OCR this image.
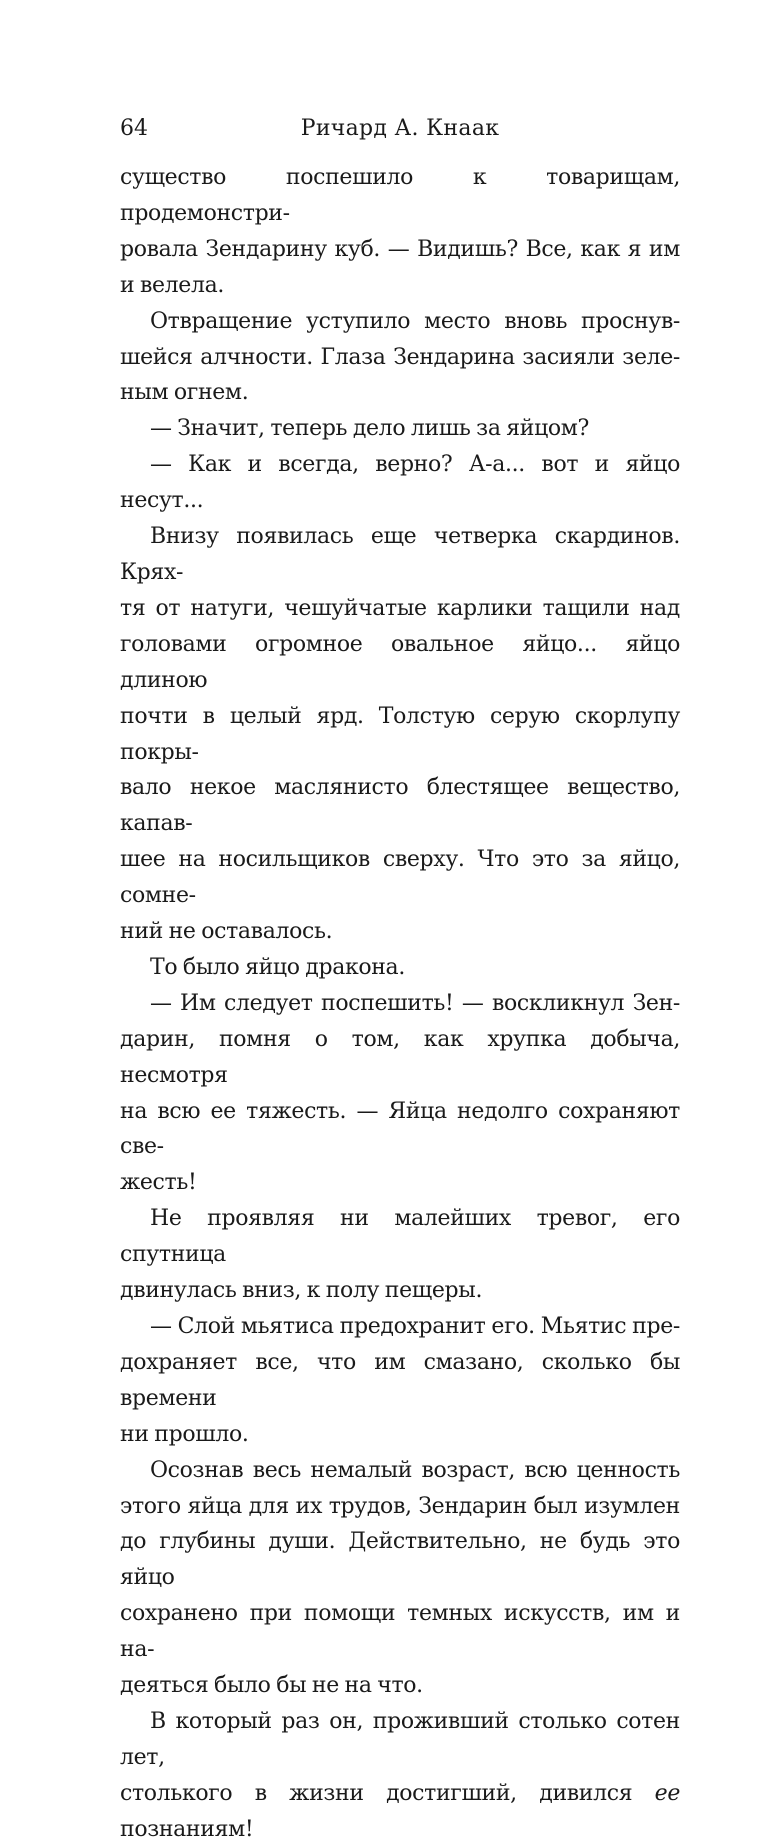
64	Ричард А. Кнаак
существо поспешило к товарищам, продемонстри-
ровала Зендарину куб. — Видишь? Все, как я им
и велела.
Отвращение уступило место вновь проснув-
шейся алчности. Глаза Зендарина засияли зеле-
ным огнем.
— Значит, теперь дело лишь за яйцом?
— Как и всегда, верно? А-а... вот и яйцо несут...
Внизу появилась еще четверка скардинов. Крях-
тя от натуги, чешуйчатые карлики тащили над
головами огромное овальное яйцо... яйцо длиною
почти в целый ярд. Толстую серую скорлупу покры-
вало некое маслянисто блестящее вещество, капав-
шее на носильщиков сверху. Что это за яйцо, сомне-
ний не оставалось.
То было яйцо дракона.
— Им следует поспешить! — воскликнул Зен-
дарин, помня о том, как хрупка добыча, несмотря
на всю ее тяжесть. — Яйца недолго сохраняют све-
жесть!
Не проявляя ни малейших тревог, его спутница
двинулась вниз, к полу пещеры.
— Слой мьятиса предохранит его. Мьятис пре-
дохраняет все, что им смазано, сколько бы времени
ни прошло.
Осознав весь немалый возраст, всю ценность
этого яйца для их трудов, Зендарин был изумлен
до глубины души. Действительно, не будь это яйцо
сохранено при помощи темных искусств, им и на-
деяться было бы не на что.
В который раз он, проживший столько сотен лет,
столького в жизни достигший, дивился ее познаниям!
